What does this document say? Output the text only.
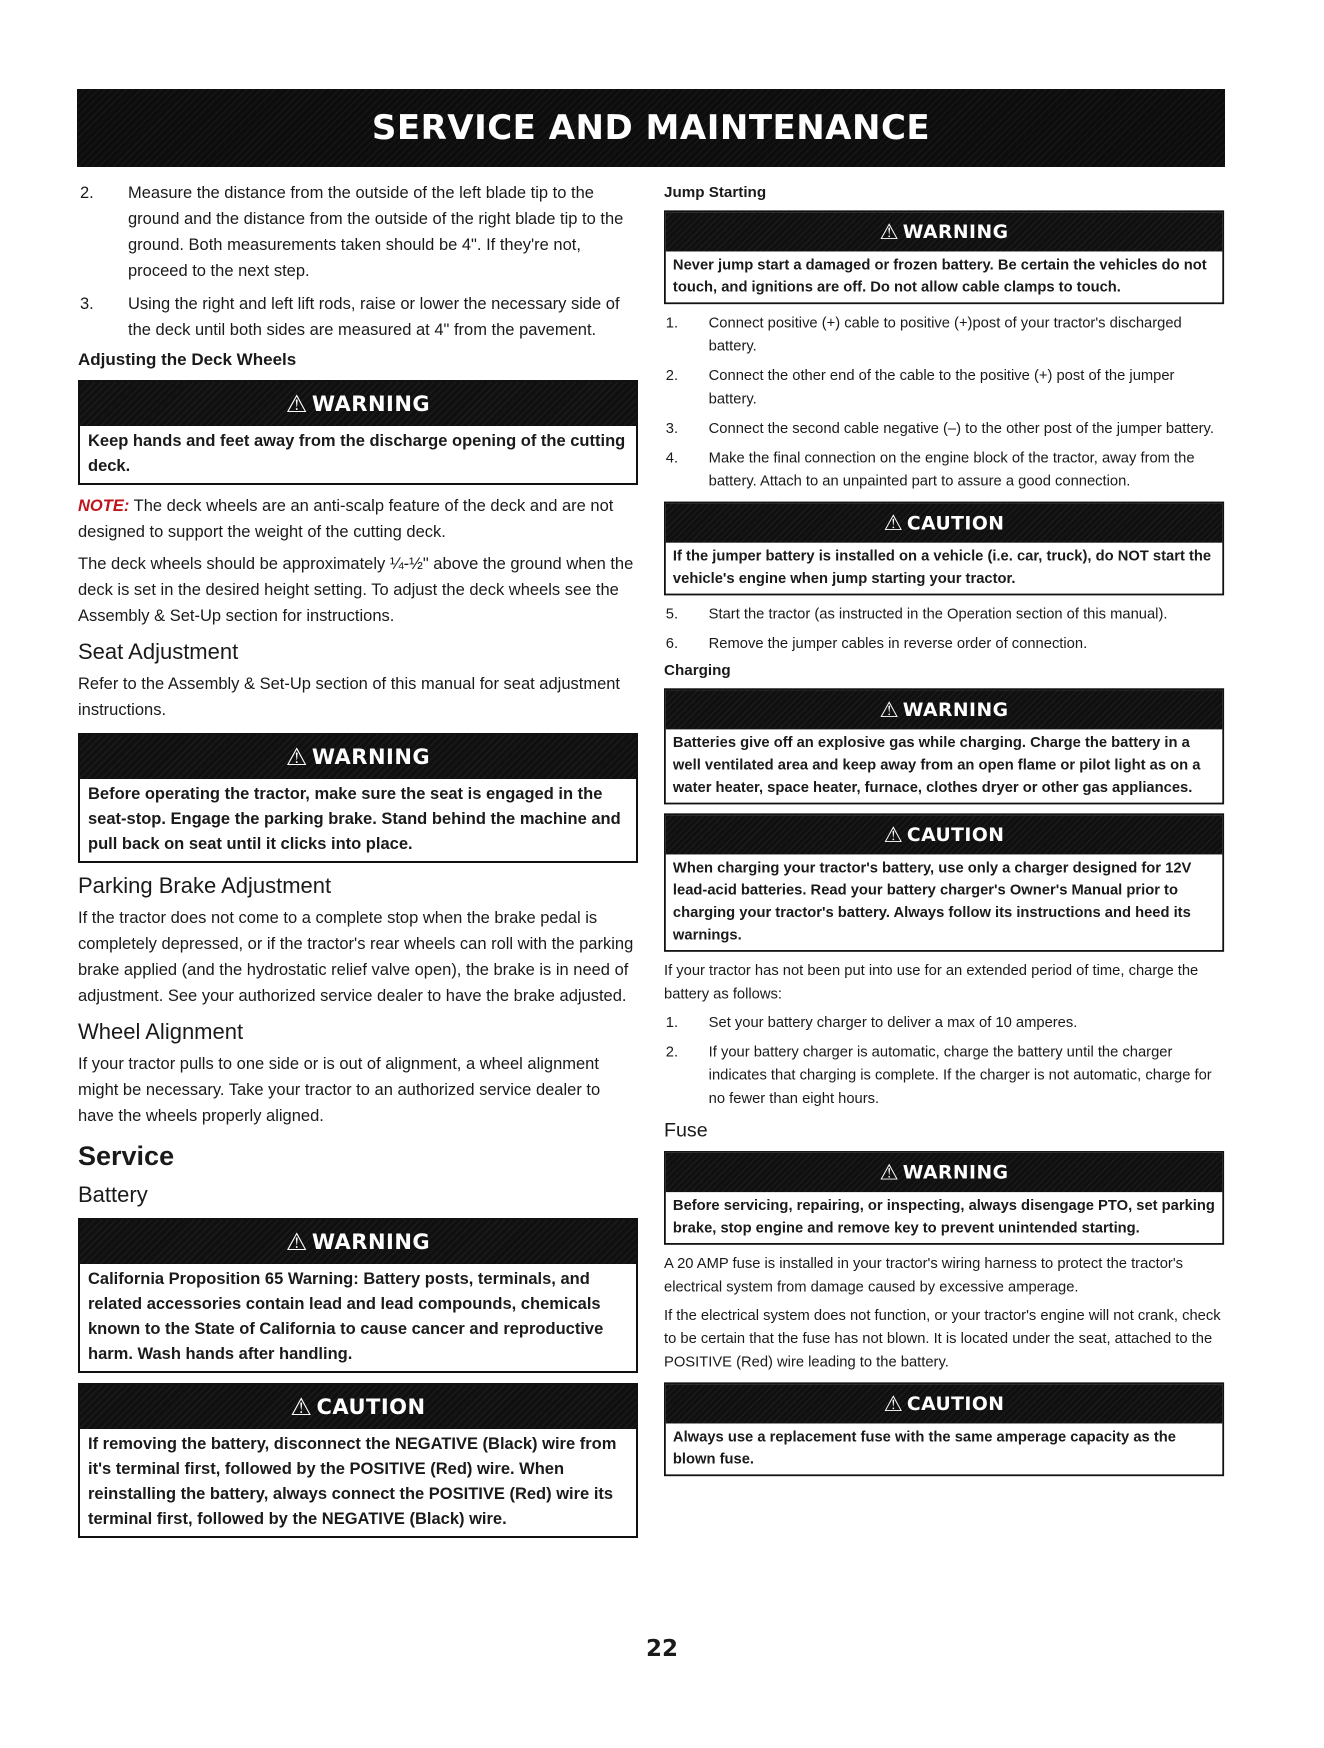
SERVICE AND MAINTENANCE
2.	Measure the distance from the outside of the left blade tip to the ground and the distance from the outside of the right blade tip to the ground. Both measurements taken should be 4". If they're not, proceed to the next step.
3.	Using the right and left lift rods, raise or lower the necessary side of the deck until both sides are measured at 4" from the pavement.
Adjusting the Deck Wheels
⚠ WARNING
Keep hands and feet away from the discharge opening of the cutting deck.

NOTE: The deck wheels are an anti-scalp feature of the deck and are not designed to support the weight of the cutting deck.

The deck wheels should be approximately ¼-½" above the ground when the deck is set in the desired height setting. To adjust the deck wheels see the Assembly & Set-Up section for instructions.

Seat Adjustment

Refer to the Assembly & Set-Up section of this manual for seat adjustment instructions.

⚠ WARNING
Before operating the tractor, make sure the seat is engaged in the seat-stop. Engage the parking brake. Stand behind the machine and pull back on seat until it clicks into place.
Parking Brake Adjustment

If the tractor does not come to a complete stop when the brake pedal is completely depressed, or if the tractor's rear wheels can roll with the parking brake applied (and the hydrostatic relief valve open), the brake is in need of adjustment. See your authorized service dealer to have the brake adjusted.

Wheel Alignment

If your tractor pulls to one side or is out of alignment, a wheel alignment might be necessary. Take your tractor to an authorized service dealer to have the wheels properly aligned.

Service
Battery
⚠ WARNING
California Proposition 65 Warning: Battery posts, terminals, and related accessories contain lead and lead compounds, chemicals known to the State of California to cause cancer and reproductive harm. Wash hands after handling.
⚠ CAUTION
If removing the battery, disconnect the NEGATIVE (Black) wire from it's terminal first, followed by the POSITIVE (Red) wire. When reinstalling the battery, always connect the POSITIVE (Red) wire its terminal first, followed by the NEGATIVE (Black) wire.
Jump Starting
⚠ WARNING
Never jump start a damaged or frozen battery. Be certain the vehicles do not touch, and ignitions are off. Do not allow cable clamps to touch.
1.	Connect positive (+) cable to positive (+)post of your tractor's discharged battery.
2.	Connect the other end of the cable to the positive (+) post of the jumper battery.
3.	Connect the second cable negative (–) to the other post of the jumper battery.
4.	Make the final connection on the engine block of the tractor, away from the battery. Attach to an unpainted part to assure a good connection.
⚠ CAUTION
If the jumper battery is installed on a vehicle (i.e. car, truck), do NOT start the vehicle's engine when jump starting your tractor.
5.	Start the tractor (as instructed in the Operation section of this manual).
6.	Remove the jumper cables in reverse order of connection.
Charging
⚠ WARNING
Batteries give off an explosive gas while charging. Charge the battery in a well ventilated area and keep away from an open flame or pilot light as on a water heater, space heater, furnace, clothes dryer or other gas appliances.
⚠ CAUTION
When charging your tractor's battery, use only a charger designed for 12V lead-acid batteries. Read your battery charger's Owner's Manual prior to charging your tractor's battery. Always follow its instructions and heed its warnings.

If your tractor has not been put into use for an extended period of time, charge the battery as follows:

1.	Set your battery charger to deliver a max of 10 amperes.
2.	If your battery charger is automatic, charge the battery until the charger indicates that charging is complete. If the charger is not automatic, charge for no fewer than eight hours.
Fuse
⚠ WARNING
Before servicing, repairing, or inspecting, always disengage PTO, set parking brake, stop engine and remove key to prevent unintended starting.

A 20 AMP fuse is installed in your tractor's wiring harness to protect the tractor's electrical system from damage caused by excessive amperage.

If the electrical system does not function, or your tractor's engine will not crank, check to be certain that the fuse has not blown. It is located under the seat, attached to the POSITIVE (Red) wire leading to the battery.

⚠ CAUTION
Always use a replacement fuse with the same amperage capacity as the blown fuse.
22
